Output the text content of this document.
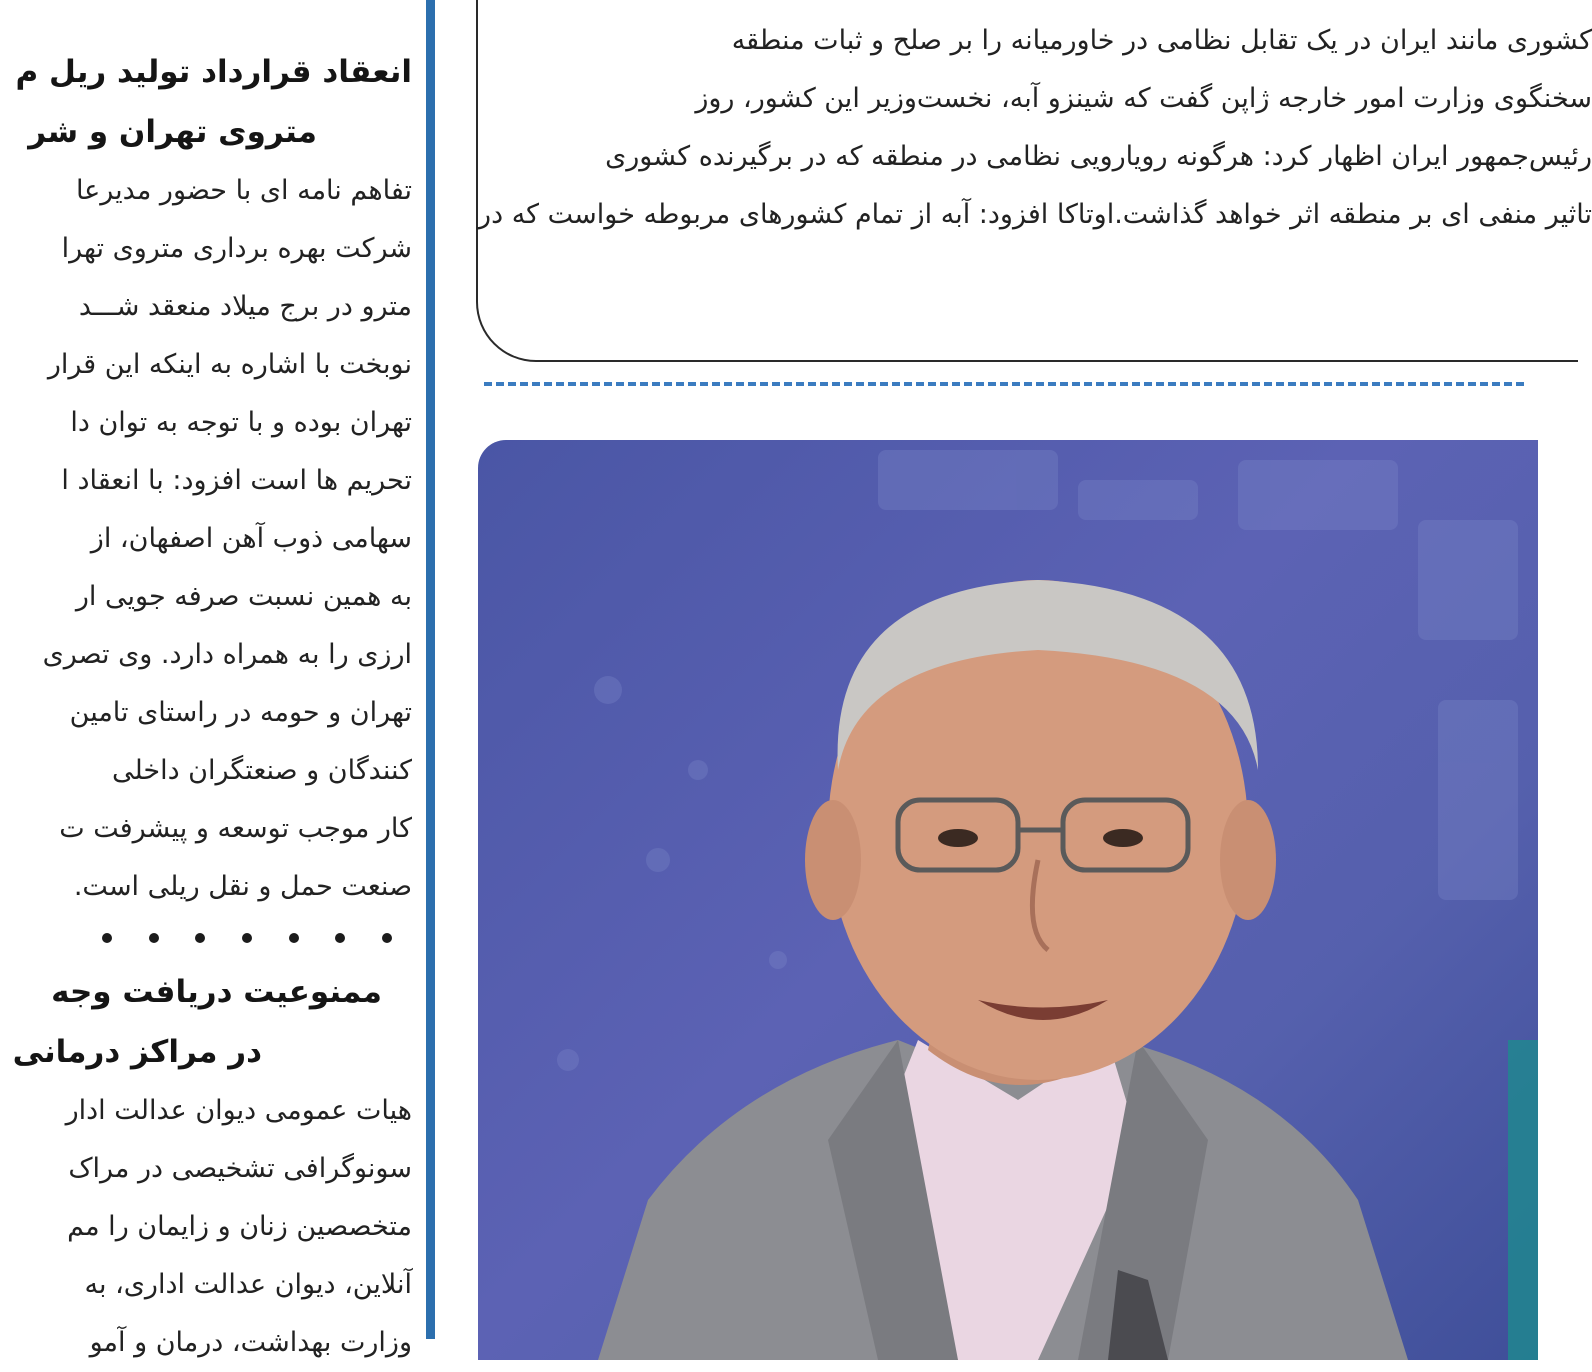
انعقاد قرارداد تولید ریل م

متروی تهران و شر

تفاهم نامه ای با حضور مدیرعا

شرکت بهره برداری متروی تهرا

مترو در برج میلاد منعقد شـــد

نوبخت با اشاره به اینکه این قرار

تهران بوده و با توجه به توان دا

تحریم ها است افزود: با انعقاد ا

سهامی ذوب آهن اصفهان، از

به همین نسبت صرفه جویی ار

ارزی را به همراه دارد. وی تصری

تهران و حومه در راستای تامین

کنندگان و صنعتگران داخلی

کار موجب توسعه و پیشرفت ت

صنعت حمل و نقل ریلی است.

ممنوعیت دریافت وجه

در مراکز درمانی

هیات عمومی دیوان عدالت ادار

سونوگرافی تشخیصی در مراک

متخصصین زنان و زایمان را مم

آنلاین، دیوان عدالت اداری، به

وزارت بهداشت، درمان و آمو

کشوری مانند ایران در یک تقابل نظامی در خاورمیانه را بر صلح و ثبات منطقه

سخنگوی وزارت امور خارجه ژاپن گفت که شینزو آبه، نخست‌وزیر این کشور، روز

رئیس‌جمهور ایران اظهار کرد: هرگونه رویارویی نظامی در منطقه که در برگیرنده کشوری

تاثیر منفی ای بر منطقه اثر خواهد گذاشت.اوتاکا افزود: آبه از تمام کشورهای مربوطه خواست که در
